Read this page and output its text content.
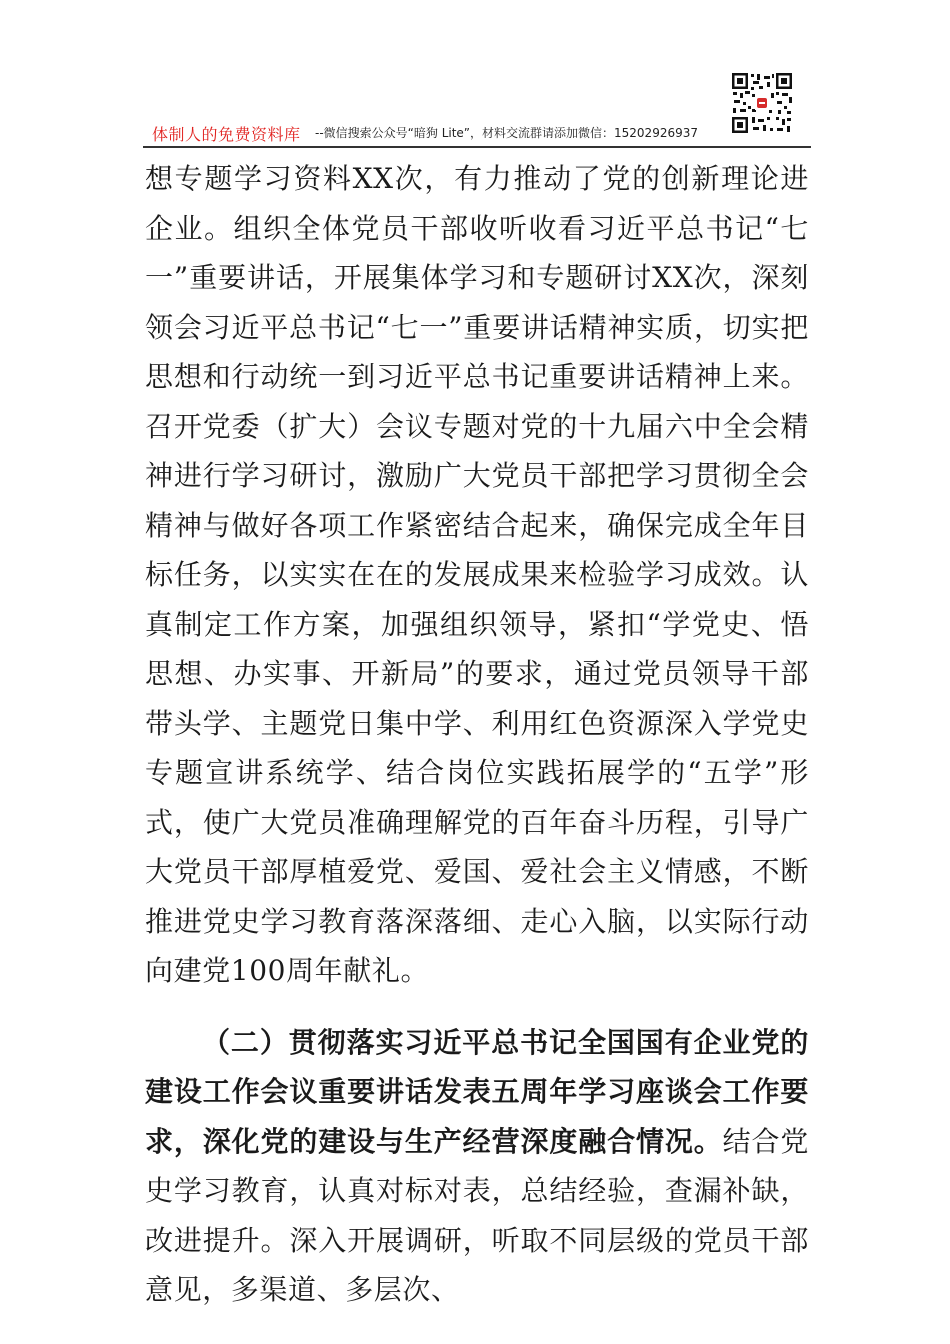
体制人的免费资料库 --微信搜索公众号“暗狗 Lite”，材料交流群请添加微信：15202926937

想专题学习资料XX次，有力推动了党的创新理论进企业。组织全体党员干部收听收看习近平总书记“七一”重要讲话，开展集体学习和专题研讨XX次，深刻领会习近平总书记“七一”重要讲话精神实质，切实把思想和行动统一到习近平总书记重要讲话精神上来。召开党委（扩大）会议专题对党的十九届六中全会精神进行学习研讨，激励广大党员干部把学习贯彻全会精神与做好各项工作紧密结合起来，确保完成全年目标任务，以实实在在的发展成果来检验学习成效。认真制定工作方案，加强组织领导，紧扣“学党史、悟思想、办实事、开新局”的要求，通过党员领导干部带头学、主题党日集中学、利用红色资源深入学党史专题宣讲系统学、结合岗位实践拓展学的“五学”形式，使广大党员准确理解党的百年奋斗历程，引导广大党员干部厚植爱党、爱国、爱社会主义情感，不断推进党史学习教育落深落细、走心入脑，以实际行动向建党100周年献礼。

（二）贯彻落实习近平总书记全国国有企业党的建设工作会议重要讲话发表五周年学习座谈会工作要求，深化党的建设与生产经营深度融合情况。结合党史学习教育，认真对标对表，总结经验，查漏补缺，改进提升。深入开展调研，听取不同层级的党员干部意见，多渠道、多层次、
